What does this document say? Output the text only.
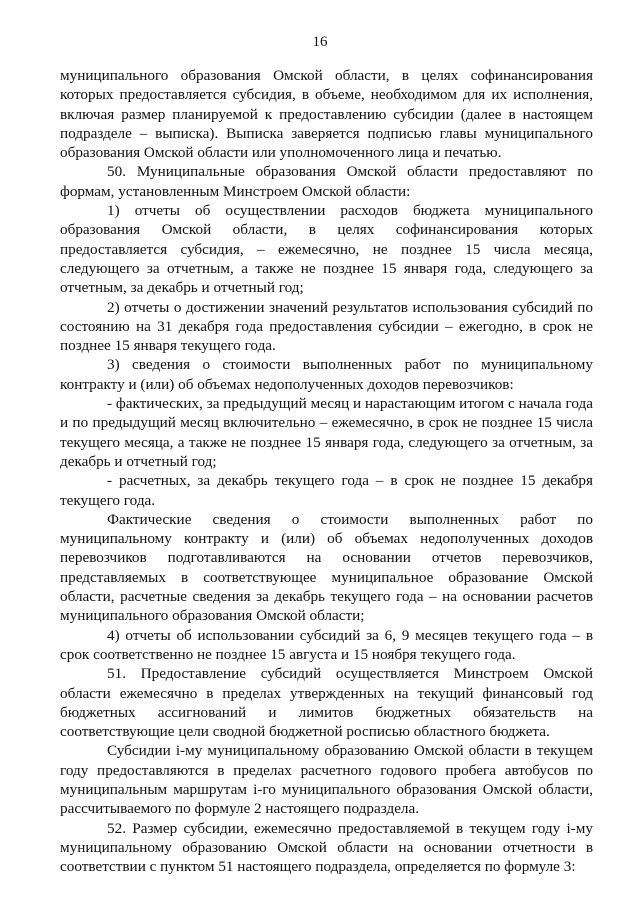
16

муниципального образования Омской области, в целях софинансирования которых предоставляется субсидия, в объеме, необходимом для их исполнения, включая размер планируемой к предоставлению субсидии (далее в настоящем подразделе – выписка). Выписка заверяется подписью главы муниципального образования Омской области или уполномоченного лица и печатью.

50. Муниципальные образования Омской области предоставляют по формам, установленным Минстроем Омской области:

1) отчеты об осуществлении расходов бюджета муниципального образования Омской области, в целях софинансирования которых предоставляется субсидия, – ежемесячно, не позднее 15 числа месяца, следующего за отчетным, а также не позднее 15 января года, следующего за отчетным, за декабрь и отчетный год;

2) отчеты о достижении значений результатов использования субсидий по состоянию на 31 декабря года предоставления субсидии – ежегодно, в срок не позднее 15 января текущего года.

3) сведения о стоимости выполненных работ по муниципальному контракту и (или) об объемах недополученных доходов перевозчиков:

- фактических, за предыдущий месяц и нарастающим итогом с начала года и по предыдущий месяц включительно – ежемесячно, в срок не позднее 15 числа текущего месяца, а также не позднее 15 января года, следующего за отчетным, за декабрь и отчетный год;

- расчетных, за декабрь текущего года – в срок не позднее 15 декабря текущего года.

Фактические сведения о стоимости выполненных работ по муниципальному контракту и (или) об объемах недополученных доходов перевозчиков подготавливаются на основании отчетов перевозчиков, представляемых в соответствующее муниципальное образование Омской области, расчетные сведения за декабрь текущего года – на основании расчетов муниципального образования Омской области;

4) отчеты об использовании субсидий за 6, 9 месяцев текущего года – в срок соответственно не позднее 15 августа и 15 ноября текущего года.

51. Предоставление субсидий осуществляется Минстроем Омской области ежемесячно в пределах утвержденных на текущий финансовый год бюджетных ассигнований и лимитов бюджетных обязательств на соответствующие цели сводной бюджетной росписью областного бюджета.

Субсидии i-му муниципальному образованию Омской области в текущем году предоставляются в пределах расчетного годового пробега автобусов по муниципальным маршрутам i-го муниципального образования Омской области, рассчитываемого по формуле 2 настоящего подраздела.

52. Размер субсидии, ежемесячно предоставляемой в текущем году i-му муниципальному образованию Омской области на основании отчетности в соответствии с пунктом 51 настоящего подраздела, определяется по формуле 3:
